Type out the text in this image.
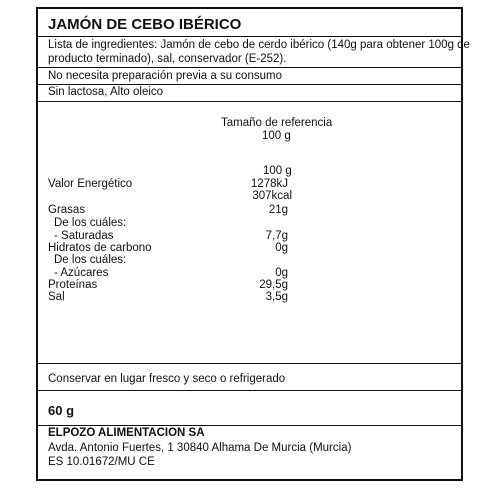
JAMÓN DE CEBO IBÉRICO
Lista de ingredientes: Jamón de cebo de cerdo ibérico (140g para obtener 100g de
producto terminado), sal, conservador (E-252).
No necesita preparación previa a su consumo
Sin lactosa, Alto oleico
Tamaño de referencia
100 g
100 g
Valor Energético	1278kJ
307kcal
Grasas	21g
De los cuáles:
- Saturadas	7,7g
Hidratos de carbono	0g
De los cuáles:
- Azúcares	0g
Proteínas	29,5g
Sal	3,5g
Conservar en lugar fresco y seco o refrigerado
60 g
ELPOZO ALIMENTACION SA
Avda. Antonio Fuertes, 1 30840 Alhama De Murcia (Murcia)
ES 10.01672/MU CE
